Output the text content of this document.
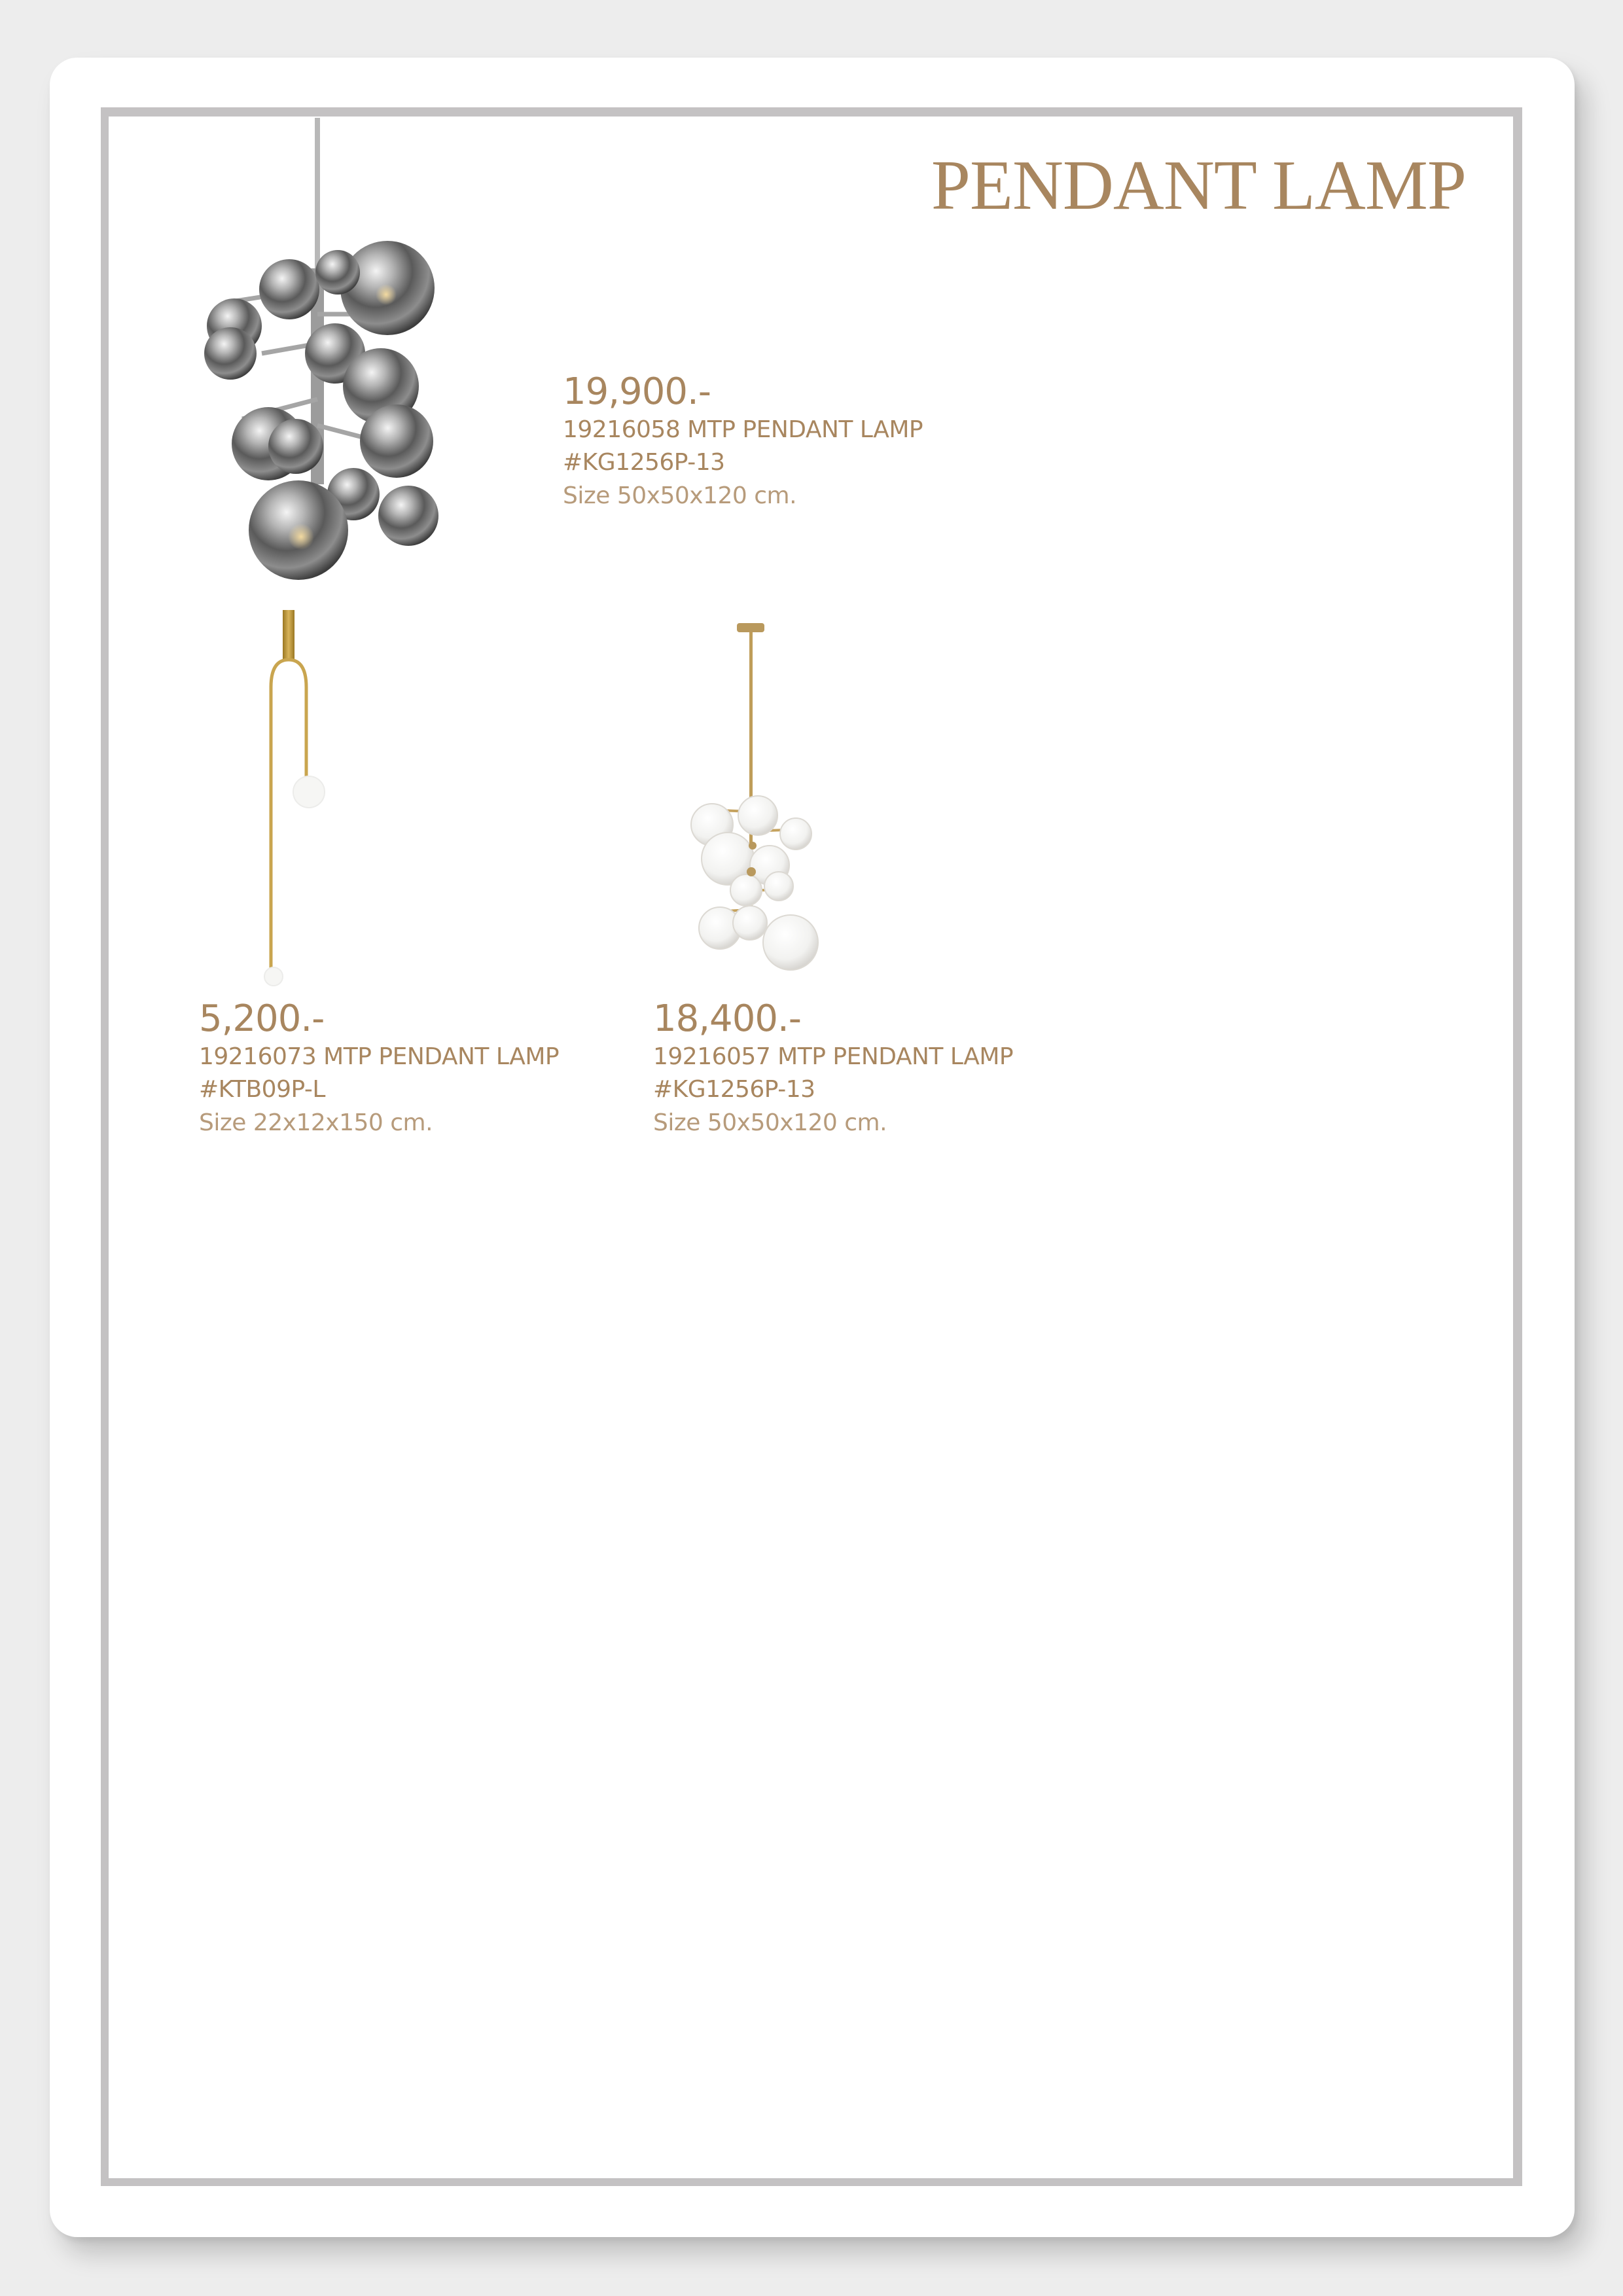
PENDANT LAMP
19,900.-
19216058 MTP PENDANT LAMP
#KG1256P-13
Size 50x50x120 cm.
5,200.-
19216073 MTP PENDANT LAMP
#KTB09P-L
Size 22x12x150 cm.
18,400.-
19216057 MTP PENDANT LAMP
#KG1256P-13
Size 50x50x120 cm.
